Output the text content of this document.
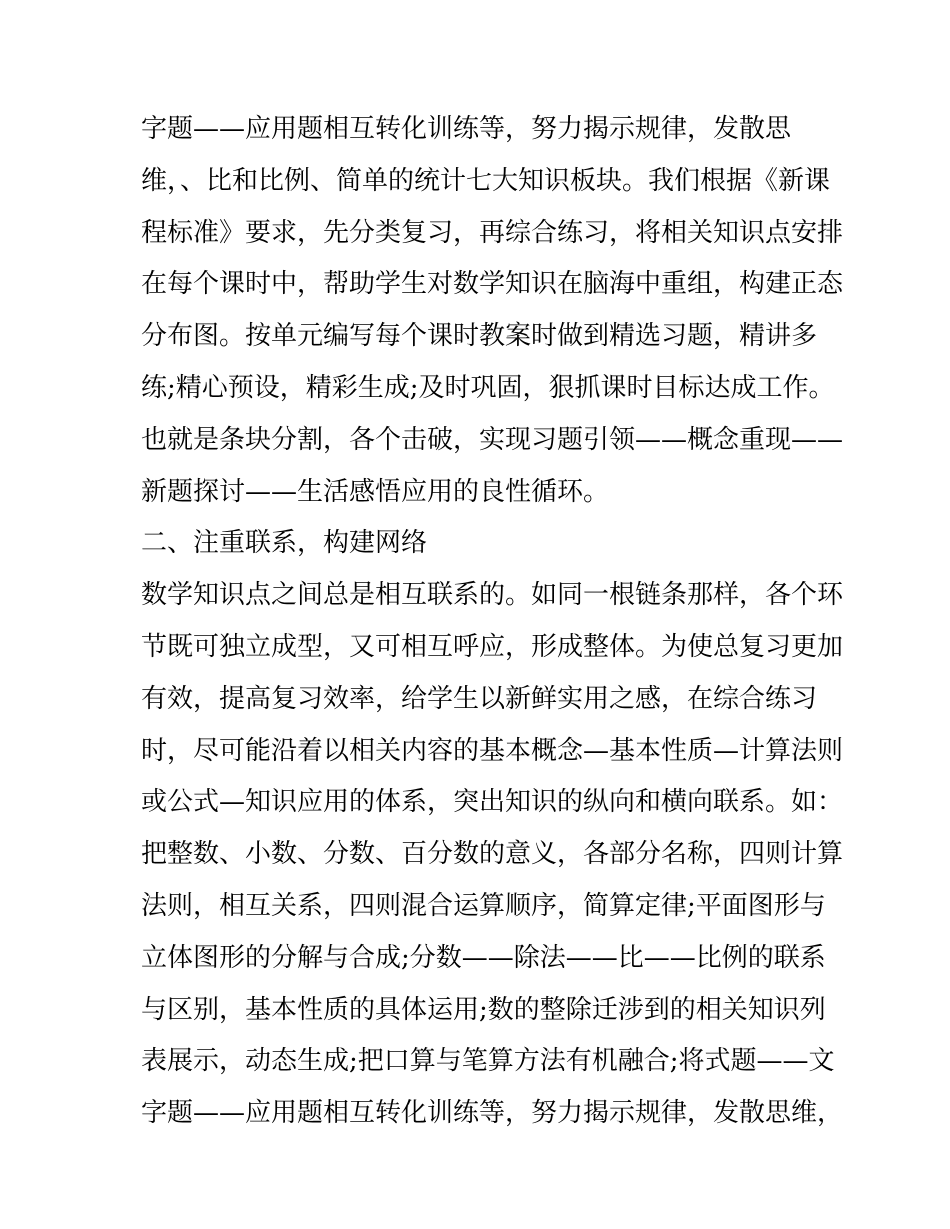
字题——应用题相互转化训练等，努力揭示规律，发散思
维，、比和比例、简单的统计七大知识板块。我们根据《新课
程标准》要求，先分类复习，再综合练习，将相关知识点安排
在每个课时中，帮助学生对数学知识在脑海中重组，构建正态
分布图。按单元编写每个课时教案时做到精选习题，精讲多
练;精心预设，精彩生成;及时巩固，狠抓课时目标达成工作。
也就是条块分割，各个击破，实现习题引领——概念重现——
新题探讨——生活感悟应用的良性循环。
二、注重联系，构建网络
数学知识点之间总是相互联系的。如同一根链条那样，各个环
节既可独立成型，又可相互呼应，形成整体。为使总复习更加
有效，提高复习效率，给学生以新鲜实用之感，在综合练习
时，尽可能沿着以相关内容的基本概念—基本性质—计算法则
或公式—知识应用的体系，突出知识的纵向和横向联系。如：
把整数、小数、分数、百分数的意义，各部分名称，四则计算
法则，相互关系，四则混合运算顺序，简算定律;平面图形与
立体图形的分解与合成;分数——除法——比——比例的联系
与区别，基本性质的具体运用;数的整除迁涉到的相关知识列
表展示，动态生成;把口算与笔算方法有机融合;将式题——文
字题——应用题相互转化训练等，努力揭示规律，发散思维，
